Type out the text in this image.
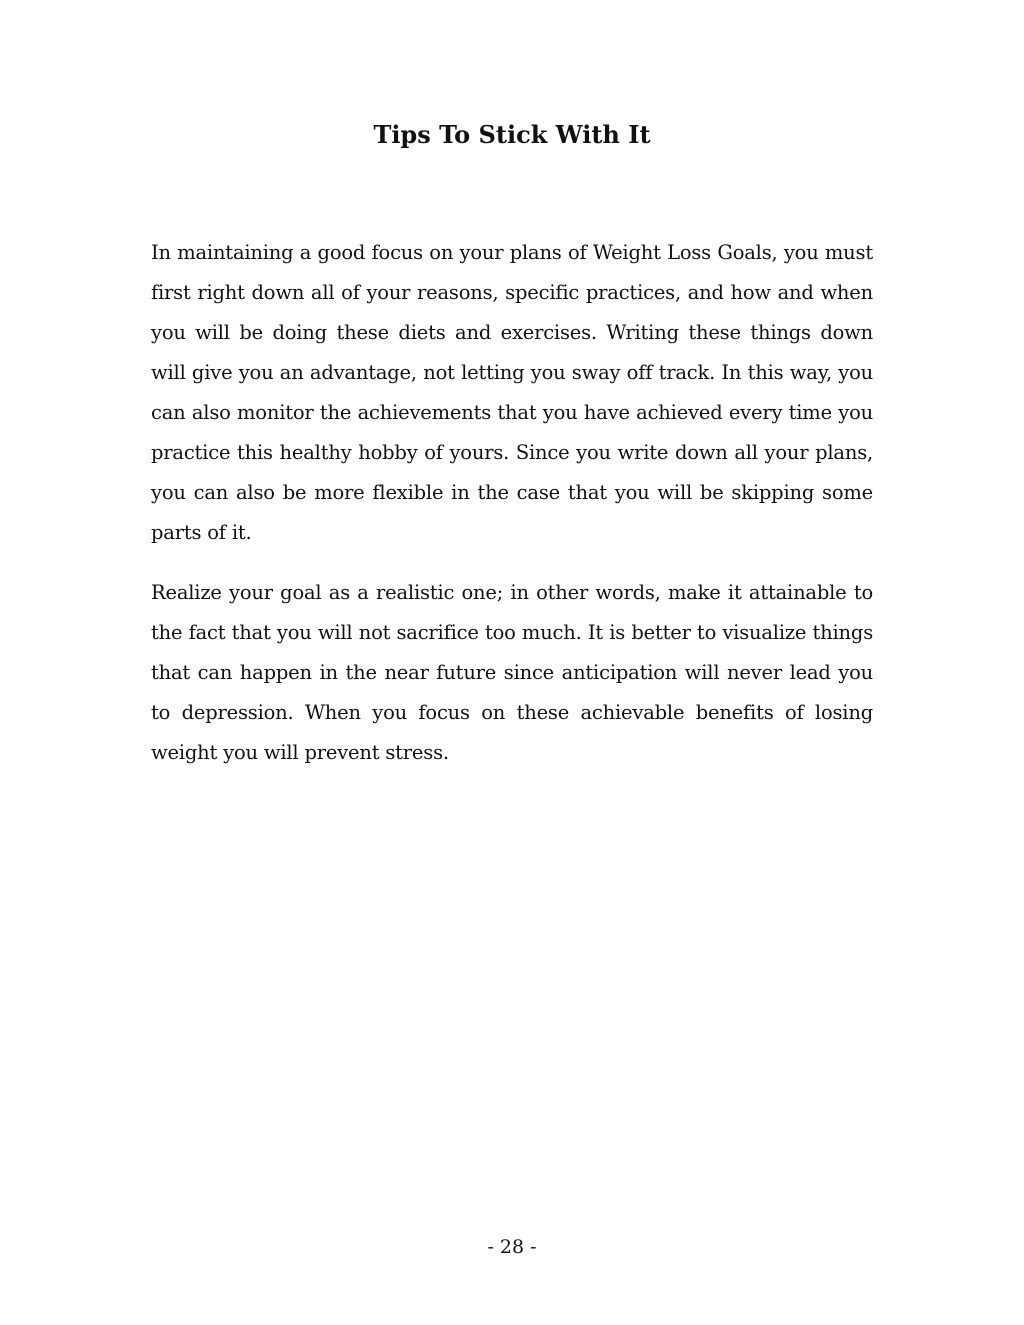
Tips To Stick With It

In maintaining a good focus on your plans of Weight Loss Goals, you must first right down all of your reasons, specific practices, and how and when you will be doing these diets and exercises. Writing these things down will give you an advantage, not letting you sway off track. In this way, you can also monitor the achievements that you have achieved every time you practice this healthy hobby of yours. Since you write down all your plans, you can also be more flexible in the case that you will be skipping some parts of it.

Realize your goal as a realistic one; in other words, make it attainable to the fact that you will not sacrifice too much. It is better to visualize things that can happen in the near future since anticipation will never lead you to depression. When you focus on these achievable benefits of losing weight you will prevent stress.

- 28 -
